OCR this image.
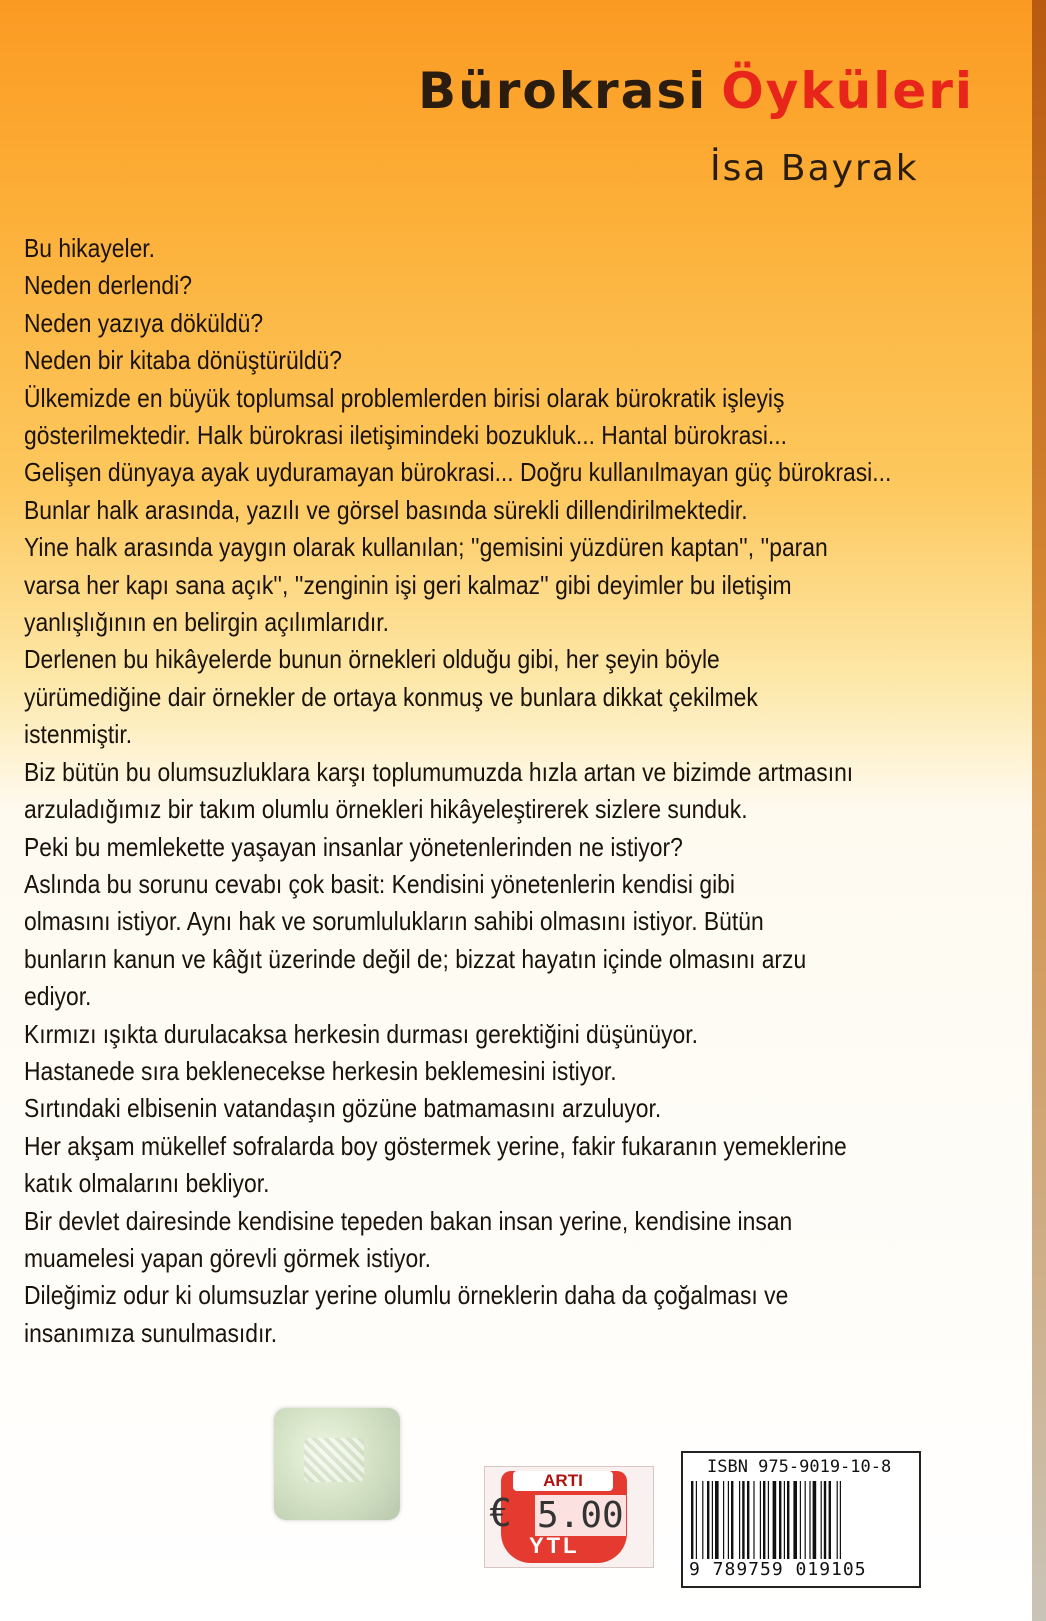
Bürokrasi Öyküleri
İsa Bayrak
Bu hikayeler.
Neden derlendi?
Neden yazıya döküldü?
Neden bir kitaba dönüştürüldü?
Ülkemizde en büyük toplumsal problemlerden birisi olarak bürokratik işleyiş
gösterilmektedir. Halk bürokrasi iletişimindeki bozukluk... Hantal bürokrasi...
Gelişen dünyaya ayak uyduramayan bürokrasi... Doğru kullanılmayan güç bürokrasi...
Bunlar halk arasında, yazılı ve görsel basında sürekli dillendirilmektedir.
Yine halk arasında yaygın olarak kullanılan; ''gemisini yüzdüren kaptan'', ''paran
varsa her kapı sana açık'', ''zenginin işi geri kalmaz'' gibi deyimler bu iletişim
yanlışlığının en belirgin açılımlarıdır.
Derlenen bu hikâyelerde bunun örnekleri olduğu gibi, her şeyin böyle
yürümediğine dair örnekler de ortaya konmuş ve bunlara dikkat çekilmek
istenmiştir.
Biz bütün bu olumsuzluklara karşı toplumumuzda hızla artan ve bizimde artmasını
arzuladığımız bir takım olumlu örnekleri hikâyeleştirerek sizlere sunduk.
Peki bu memlekette yaşayan insanlar yönetenlerinden ne istiyor?
Aslında bu sorunu cevabı çok basit: Kendisini yönetenlerin kendisi gibi
olmasını istiyor. Aynı hak ve sorumlulukların sahibi olmasını istiyor. Bütün
bunların kanun ve kâğıt üzerinde değil de; bizzat hayatın içinde olmasını arzu
ediyor.
Kırmızı ışıkta durulacaksa herkesin durması gerektiğini düşünüyor.
Hastanede sıra beklenecekse herkesin beklemesini istiyor.
Sırtındaki elbisenin vatandaşın gözüne batmamasını arzuluyor.
Her akşam mükellef sofralarda boy göstermek yerine, fakir fukaranın yemeklerine
katık olmalarını bekliyor.
Bir devlet dairesinde kendisine tepeden bakan insan yerine, kendisine insan
muamelesi yapan görevli görmek istiyor.
Dileğimiz odur ki olumsuzlar yerine olumlu örneklerin daha da çoğalması ve
insanımıza sunulmasıdır.
ARTI
€ 5.00
YTL
ISBN 975-9019-10-8
9 789759 019105
